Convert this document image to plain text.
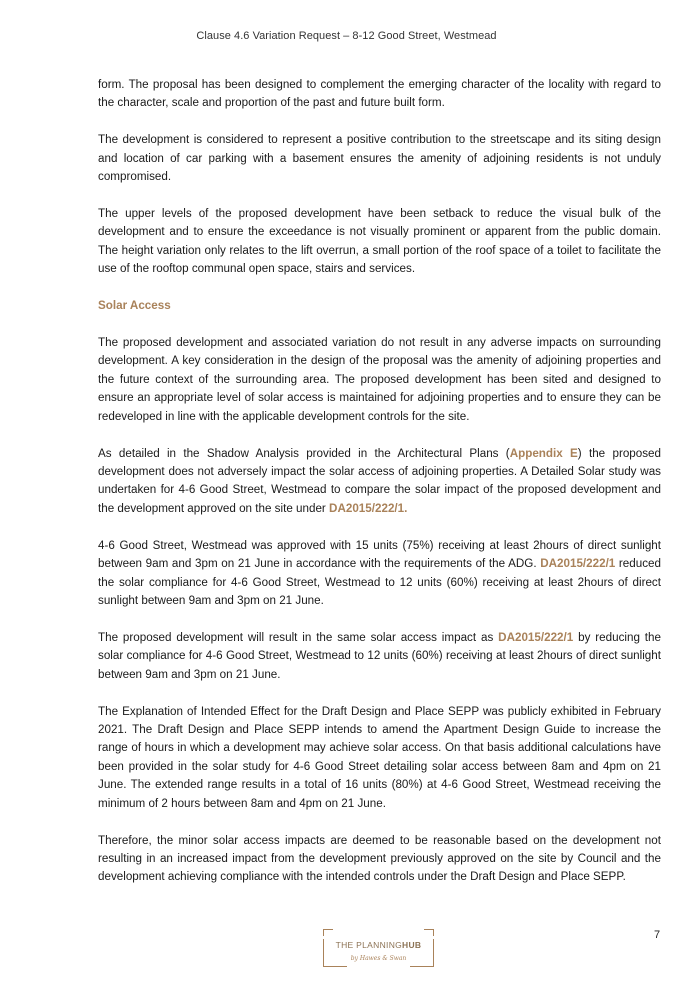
Clause 4.6 Variation Request – 8-12 Good Street, Westmead

form. The proposal has been designed to complement the emerging character of the locality with regard to the character, scale and proportion of the past and future built form.

The development is considered to represent a positive contribution to the streetscape and its siting design and location of car parking with a basement ensures the amenity of adjoining residents is not unduly compromised.

The upper levels of the proposed development have been setback to reduce the visual bulk of the development and to ensure the exceedance is not visually prominent or apparent from the public domain. The height variation only relates to the lift overrun, a small portion of the roof space of a toilet to facilitate the use of the rooftop communal open space, stairs and services.

Solar Access

The proposed development and associated variation do not result in any adverse impacts on surrounding development. A key consideration in the design of the proposal was the amenity of adjoining properties and the future context of the surrounding area. The proposed development has been sited and designed to ensure an appropriate level of solar access is maintained for adjoining properties and to ensure they can be redeveloped in line with the applicable development controls for the site.

As detailed in the Shadow Analysis provided in the Architectural Plans (Appendix E) the proposed development does not adversely impact the solar access of adjoining properties. A Detailed Solar study was undertaken for 4-6 Good Street, Westmead to compare the solar impact of the proposed development and the development approved on the site under DA2015/222/1.

4-6 Good Street, Westmead was approved with 15 units (75%) receiving at least 2hours of direct sunlight between 9am and 3pm on 21 June in accordance with the requirements of the ADG. DA2015/222/1 reduced the solar compliance for 4-6 Good Street, Westmead to 12 units (60%) receiving at least 2hours of direct sunlight between 9am and 3pm on 21 June.

The proposed development will result in the same solar access impact as DA2015/222/1 by reducing the solar compliance for 4-6 Good Street, Westmead to 12 units (60%) receiving at least 2hours of direct sunlight between 9am and 3pm on 21 June.

The Explanation of Intended Effect for the Draft Design and Place SEPP was publicly exhibited in February 2021. The Draft Design and Place SEPP intends to amend the Apartment Design Guide to increase the range of hours in which a development may achieve solar access. On that basis additional calculations have been provided in the solar study for 4-6 Good Street detailing solar access between 8am and 4pm on 21 June. The extended range results in a total of 16 units (80%) at 4-6 Good Street, Westmead receiving the minimum of 2 hours between 8am and 4pm on 21 June.

Therefore, the minor solar access impacts are deemed to be reasonable based on the development not resulting in an increased impact from the development previously approved on the site by Council and the development achieving compliance with the intended controls under the Draft Design and Place SEPP.

THE PLANNINGHUB
by Hawes & Swan
7
